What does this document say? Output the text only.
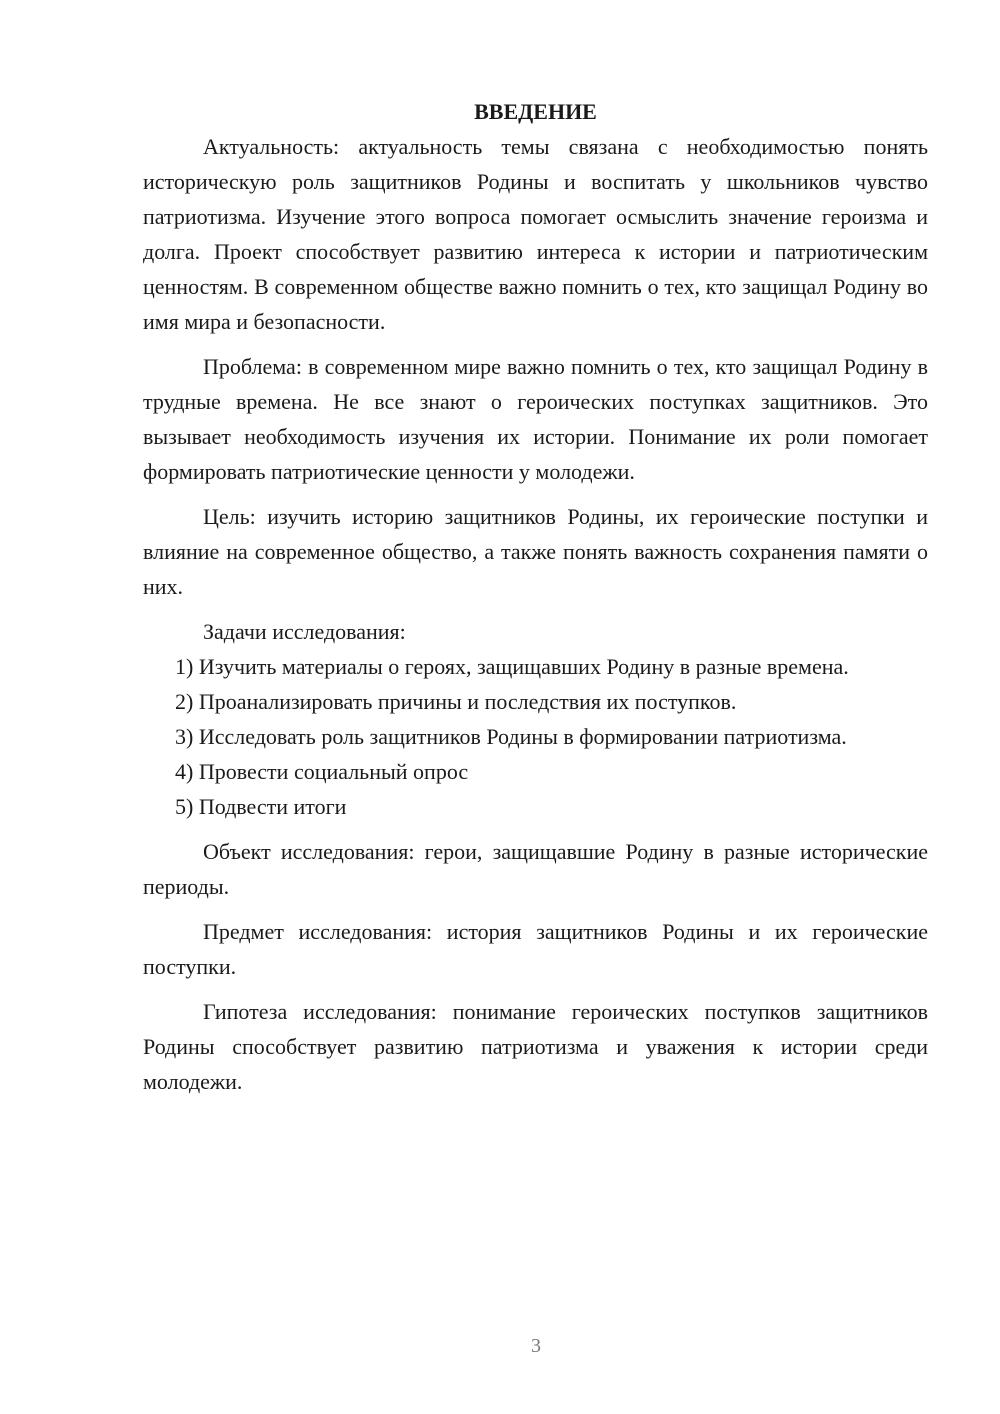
ВВЕДЕНИЕ

Актуальность: актуальность темы связана с необходимостью понять историческую роль защитников Родины и воспитать у школьников чувство патриотизма. Изучение этого вопроса помогает осмыслить значение героизма и долга. Проект способствует развитию интереса к истории и патриотическим ценностям. В современном обществе важно помнить о тех, кто защищал Родину во имя мира и безопасности.

Проблема: в современном мире важно помнить о тех, кто защищал Родину в трудные времена. Не все знают о героических поступках защитников. Это вызывает необходимость изучения их истории. Понимание их роли помогает формировать патриотические ценности у молодежи.

Цель: изучить историю защитников Родины, их героические поступки и влияние на современное общество, а также понять важность сохранения памяти о них.

Задачи исследования:

1) Изучить материалы о героях, защищавших Родину в разные времена.

2) Проанализировать причины и последствия их поступков.

3) Исследовать роль защитников Родины в формировании патриотизма.

4) Провести социальный опрос

5) Подвести итоги

Объект исследования: герои, защищавшие Родину в разные исторические периоды.

Предмет исследования: история защитников Родины и их героические поступки.

Гипотеза исследования: понимание героических поступков защитников Родины способствует развитию патриотизма и уважения к истории среди молодежи.

3
